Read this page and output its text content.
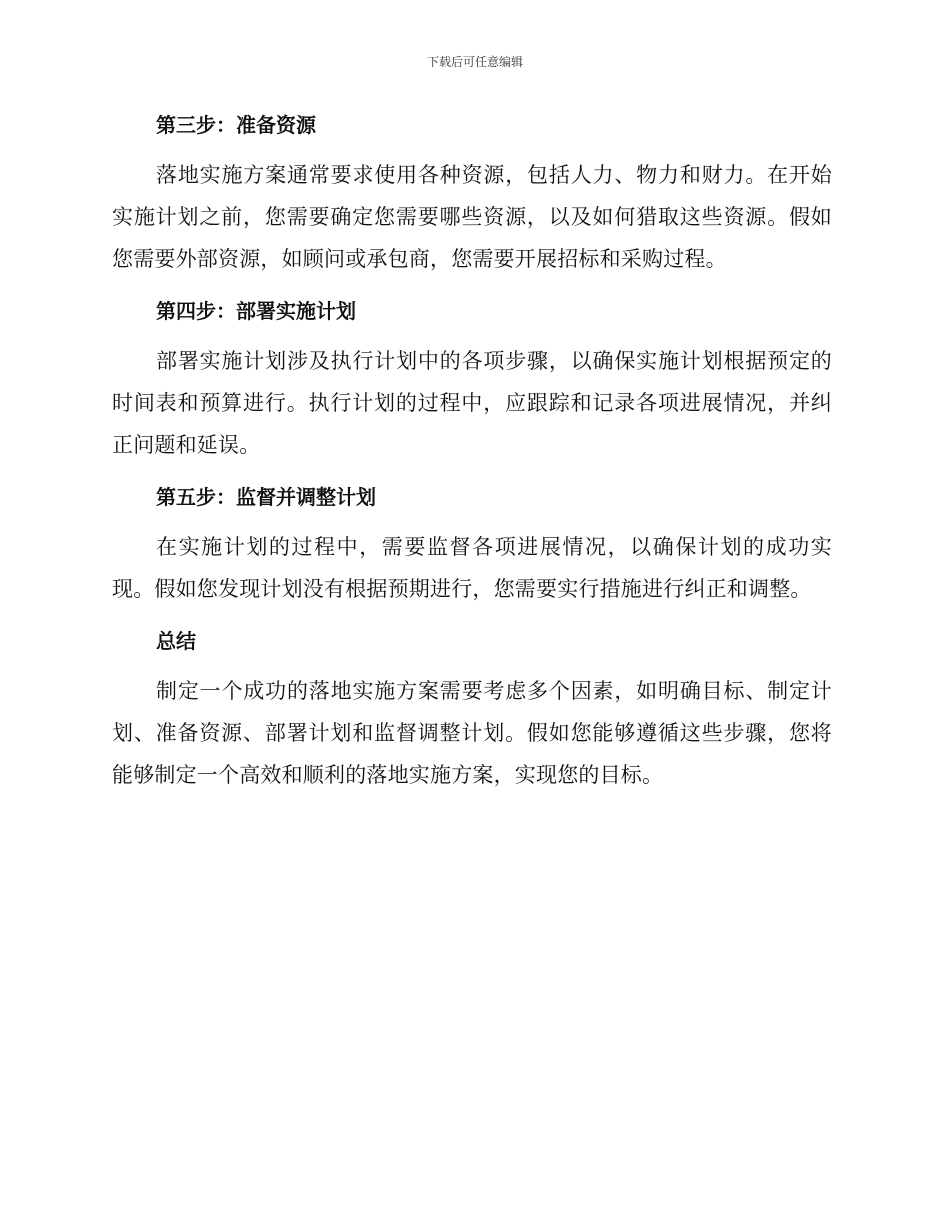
下载后可任意编辑
第三步：准备资源

落地实施方案通常要求使用各种资源，包括人力、物力和财力。在开始实施计划之前，您需要确定您需要哪些资源，以及如何猎取这些资源。假如您需要外部资源，如顾问或承包商，您需要开展招标和采购过程。

第四步：部署实施计划

部署实施计划涉及执行计划中的各项步骤，以确保实施计划根据预定的时间表和预算进行。执行计划的过程中，应跟踪和记录各项进展情况，并纠正问题和延误。

第五步：监督并调整计划

在实施计划的过程中，需要监督各项进展情况，以确保计划的成功实现。假如您发现计划没有根据预期进行，您需要实行措施进行纠正和调整。

总结

制定一个成功的落地实施方案需要考虑多个因素，如明确目标、制定计划、准备资源、部署计划和监督调整计划。假如您能够遵循这些步骤，您将能够制定一个高效和顺利的落地实施方案，实现您的目标。
